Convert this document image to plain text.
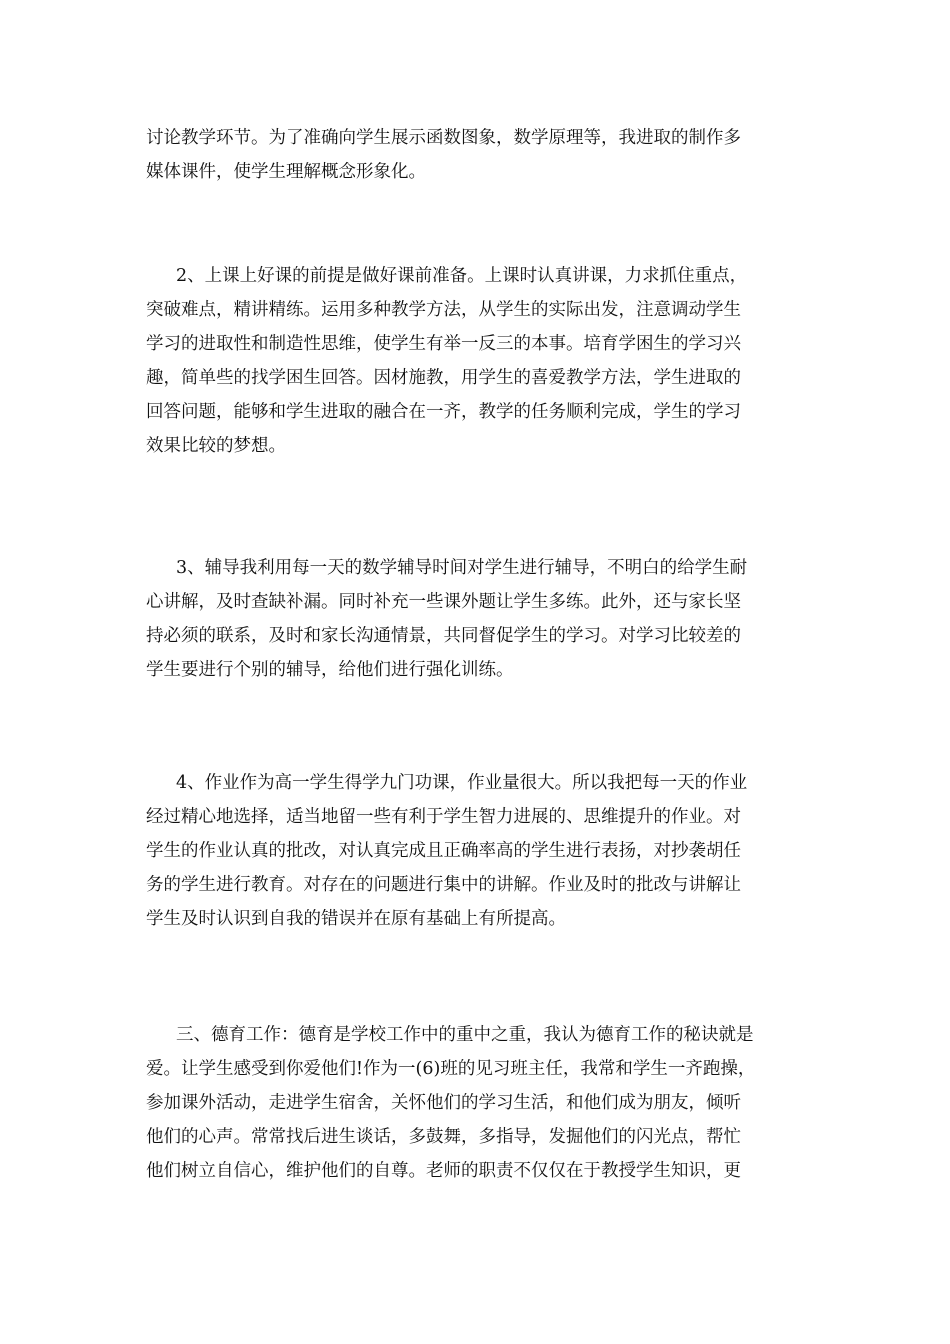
讨论教学环节。为了准确向学生展示函数图象，数学原理等，我进取的制作多
媒体课件，使学生理解概念形象化。

2、上课上好课的前提是做好课前准备。上课时认真讲课，力求抓住重点，
突破难点，精讲精练。运用多种教学方法，从学生的实际出发，注意调动学生
学习的进取性和制造性思维，使学生有举一反三的本事。培育学困生的学习兴
趣，简单些的找学困生回答。因材施教，用学生的喜爱教学方法，学生进取的
回答问题，能够和学生进取的融合在一齐，教学的任务顺利完成，学生的学习
效果比较的梦想。

3、辅导我利用每一天的数学辅导时间对学生进行辅导，不明白的给学生耐
心讲解，及时查缺补漏。同时补充一些课外题让学生多练。此外，还与家长坚
持必须的联系，及时和家长沟通情景，共同督促学生的学习。对学习比较差的
学生要进行个别的辅导，给他们进行强化训练。

4、作业作为高一学生得学九门功课，作业量很大。所以我把每一天的作业
经过精心地选择，适当地留一些有利于学生智力进展的、思维提升的作业。对
学生的作业认真的批改，对认真完成且正确率高的学生进行表扬，对抄袭胡任
务的学生进行教育。对存在的问题进行集中的讲解。作业及时的批改与讲解让
学生及时认识到自我的错误并在原有基础上有所提高。

三、德育工作：德育是学校工作中的重中之重，我认为德育工作的秘诀就是
爱。让学生感受到你爱他们!作为一(6)班的见习班主任，我常和学生一齐跑操，
参加课外活动，走进学生宿舍，关怀他们的学习生活，和他们成为朋友，倾听
他们的心声。常常找后进生谈话，多鼓舞，多指导，发掘他们的闪光点，帮忙
他们树立自信心，维护他们的自尊。老师的职责不仅仅在于教授学生知识，更
